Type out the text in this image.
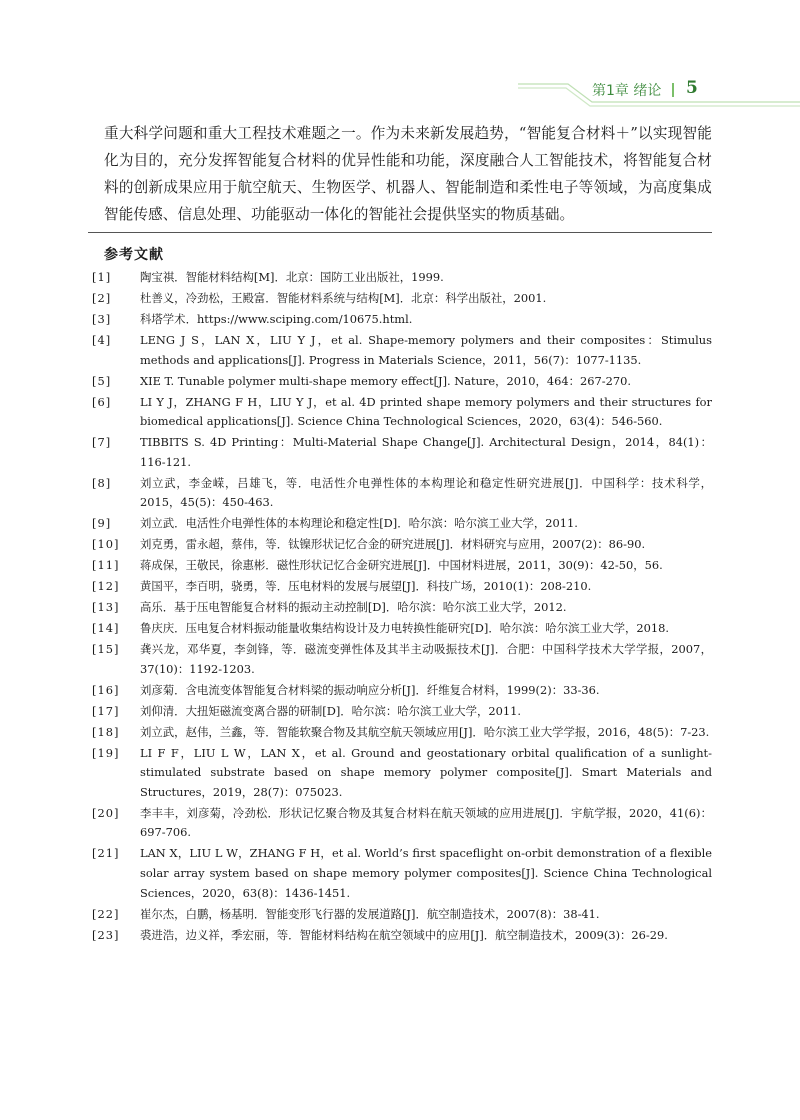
第1章 绪论	5

重大科学问题和重大工程技术难题之一。作为未来新发展趋势，“智能复合材料＋”以实现智能化为目的，充分发挥智能复合材料的优异性能和功能，深度融合人工智能技术，将智能复合材料的创新成果应用于航空航天、生物医学、机器人、智能制造和柔性电子等领域，为高度集成智能传感、信息处理、功能驱动一体化的智能社会提供坚实的物质基础。

参考文献
[1]	陶宝祺．智能材料结构[M]．北京：国防工业出版社，1999.
[2]	杜善义，冷劲松，王殿富．智能材料系统与结构[M]．北京：科学出版社，2001.
[3]	科塔学术．https://www.sciping.com/10675.html.
[4]	LENG J S，LAN X，LIU Y J，et al. Shape-memory polymers and their composites：Stimulus methods and applications[J]. Progress in Materials Science，2011，56(7)：1077-1135.
[5]	XIE T. Tunable polymer multi-shape memory effect[J]. Nature，2010，464：267-270.
[6]	LI Y J，ZHANG F H，LIU Y J，et al. 4D printed shape memory polymers and their structures for biomedical applications[J]. Science China Technological Sciences，2020，63(4)：546-560.
[7]	TIBBITS S. 4D Printing：Multi-Material Shape Change[J]. Architectural Design，2014，84(1)：116-121.
[8]	刘立武，李金嵘，吕雄飞，等．电活性介电弹性体的本构理论和稳定性研究进展[J]．中国科学：技术科学，2015，45(5)：450-463.
[9]	刘立武．电活性介电弹性体的本构理论和稳定性[D]．哈尔滨：哈尔滨工业大学，2011.
[10]	刘克勇，雷永超，蔡伟，等．钛镍形状记忆合金的研究进展[J]．材料研究与应用，2007(2)：86-90.
[11]	蒋成保，王敬民，徐惠彬．磁性形状记忆合金研究进展[J]．中国材料进展，2011，30(9)：42-50，56.
[12]	黄国平，李百明，骁勇，等．压电材料的发展与展望[J]．科技广场，2010(1)：208-210.
[13]	高乐．基于压电智能复合材料的振动主动控制[D]．哈尔滨：哈尔滨工业大学，2012.
[14]	鲁庆庆．压电复合材料振动能量收集结构设计及力电转换性能研究[D]．哈尔滨：哈尔滨工业大学，2018.
[15]	龚兴龙，邓华夏，李剑锋，等．磁流变弹性体及其半主动吸振技术[J]．合肥：中国科学技术大学学报，2007，37(10)：1192-1203.
[16]	刘彦菊．含电流变体智能复合材料梁的振动响应分析[J]．纤维复合材料，1999(2)：33-36.
[17]	刘仰清．大扭矩磁流变离合器的研制[D]．哈尔滨：哈尔滨工业大学，2011.
[18]	刘立武，赵伟，兰鑫，等．智能软聚合物及其航空航天领域应用[J]．哈尔滨工业大学学报，2016，48(5)：7-23.
[19]	LI F F，LIU L W，LAN X，et al. Ground and geostationary orbital qualification of a sunlight-stimulated substrate based on shape memory polymer composite[J]. Smart Materials and Structures，2019，28(7)：075023.
[20]	李丰丰，刘彦菊，冷劲松．形状记忆聚合物及其复合材料在航天领域的应用进展[J]．宇航学报，2020，41(6)：697-706.
[21]	LAN X，LIU L W，ZHANG F H，et al. World’s first spaceflight on-orbit demonstration of a flexible solar array system based on shape memory polymer composites[J]. Science China Technological Sciences，2020，63(8)：1436-1451.
[22]	崔尔杰，白鹏，杨基明．智能变形飞行器的发展道路[J]．航空制造技术，2007(8)：38-41.
[23]	裘进浩，边义祥，季宏丽，等．智能材料结构在航空领域中的应用[J]．航空制造技术，2009(3)：26-29.
